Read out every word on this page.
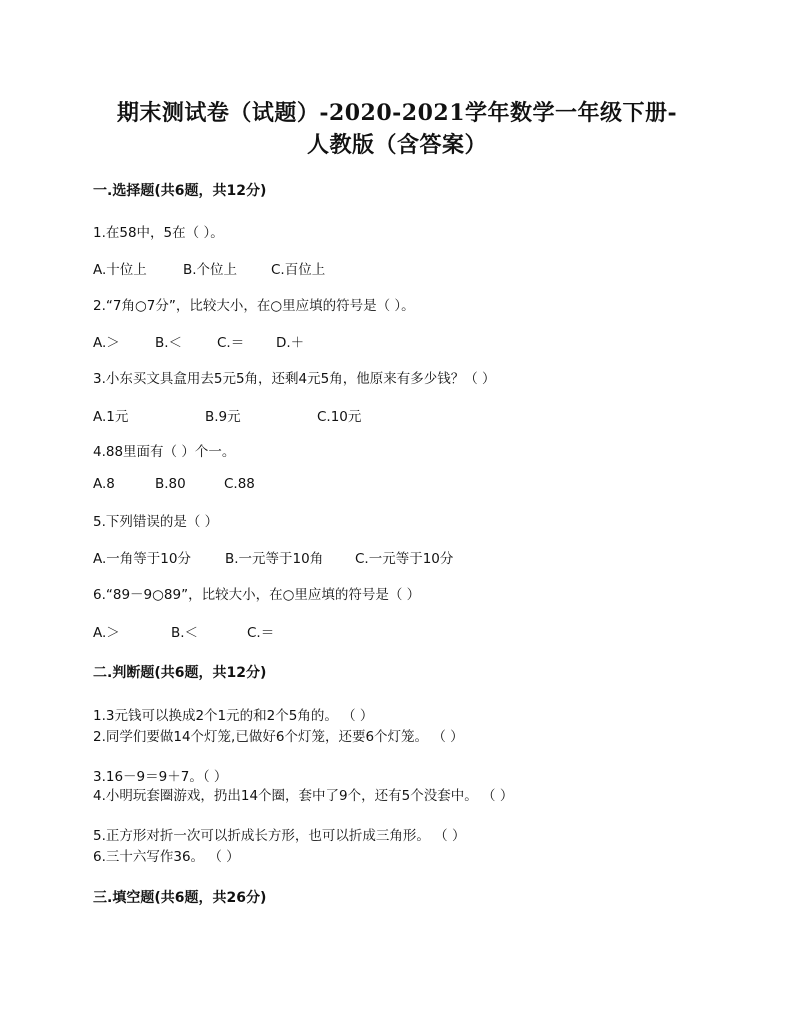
期末测试卷（试题）-2020-2021学年数学一年级下册-
人教版（含答案）
一.选择题(共6题，共12分)
1.在58中，5在（ ）。
A.十位上	B.个位上	C.百位上
2.“7角○7分”，比较大小，在○里应填的符号是（ ）。
A.＞	B.＜	C.＝ D.＋
3.小东买文具盒用去5元5角，还剩4元5角，他原来有多少钱？（ ）
A.1元	B.9元	C.10元
4.88里面有（ ）个一。
A.8	B.80	C.88
5.下列错误的是（ ）
A.一角等于10分	B.一元等于10角 C.一元等于10分
6.“89－9○89”，比较大小，在○里应填的符号是（ ）
A.＞	B.＜	C.＝
二.判断题(共6题，共12分)
1.3元钱可以换成2个1元的和2个5角的。 （ ）
2.同学们要做14个灯笼,已做好6个灯笼，还要6个灯笼。 （ ）
3.16－9＝9＋7。（ ）
4.小明玩套圈游戏，扔出14个圈，套中了9个，还有5个没套中。 （ ）
5.正方形对折一次可以折成长方形，也可以折成三角形。 （ ）
6.三十六写作36。 （ ）
三.填空题(共6题，共26分)
